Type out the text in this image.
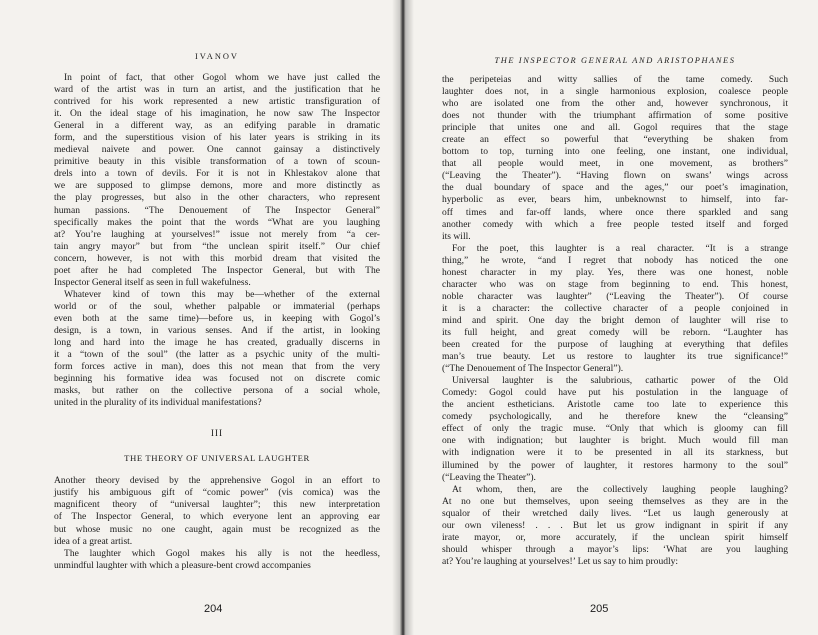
IVANOV

In point of fact, that other Gogol whom we have just called the
ward of the artist was in turn an artist, and the justification that he
contrived for his work represented a new artistic transfiguration of
it. On the ideal stage of his imagination, he now saw The Inspector
General in a different way, as an edifying parable in dramatic
form, and the superstitious vision of his later years is striking in its
medieval naivete and power. One cannot gainsay a distinctively
primitive beauty in this visible transformation of a town of scoun-
drels into a town of devils. For it is not in Khlestakov alone that
we are supposed to glimpse demons, more and more distinctly as
the play progresses, but also in the other characters, who represent
human passions. “The Denouement of The Inspector General”
specifically makes the point that the words “What are you laughing
at? You’re laughing at yourselves!” issue not merely from “a cer-
tain angry mayor” but from “the unclean spirit itself.” Our chief
concern, however, is not with this morbid dream that visited the
poet after he had completed The Inspector General, but with The
Inspector General itself as seen in full wakefulness.

Whatever kind of town this may be—whether of the external
world or of the soul, whether palpable or immaterial (perhaps
even both at the same time)—before us, in keeping with Gogol’s
design, is a town, in various senses. And if the artist, in looking
long and hard into the image he has created, gradually discerns in
it a “town of the soul” (the latter as a psychic unity of the multi-
form forces active in man), does this not mean that from the very
beginning his formative idea was focused not on discrete comic
masks, but rather on the collective persona of a social whole,
united in the plurality of its individual manifestations?

III
THE THEORY OF UNIVERSAL LAUGHTER

Another theory devised by the apprehensive Gogol in an effort to
justify his ambiguous gift of “comic power” (vis comica) was the
magnificent theory of “universal laughter”; this new interpretation
of The Inspector General, to which everyone lent an approving ear
but whose music no one caught, again must be recognized as the
idea of a great artist.

The laughter which Gogol makes his ally is not the heedless,
unmindful laughter with which a pleasure-bent crowd accompanies

204
THE INSPECTOR GENERAL AND ARISTOPHANES

the peripeteias and witty sallies of the tame comedy. Such
laughter does not, in a single harmonious explosion, coalesce people
who are isolated one from the other and, however synchronous, it
does not thunder with the triumphant affirmation of some positive
principle that unites one and all. Gogol requires that the stage
create an effect so powerful that “everything be shaken from
bottom to top, turning into one feeling, one instant, one individual,
that all people would meet, in one movement, as brothers”
(“Leaving the Theater”). “Having flown on swans’ wings across
the dual boundary of space and the ages,” our poet’s imagination,
hyperbolic as ever, bears him, unbeknownst to himself, into far-
off times and far-off lands, where once there sparkled and sang
another comedy with which a free people tested itself and forged
its will.

For the poet, this laughter is a real character. “It is a strange
thing,” he wrote, “and I regret that nobody has noticed the one
honest character in my play. Yes, there was one honest, noble
character who was on stage from beginning to end. This honest,
noble character was laughter” (“Leaving the Theater”). Of course
it is a character: the collective character of a people conjoined in
mind and spirit. One day the bright demon of laughter will rise to
its full height, and great comedy will be reborn. “Laughter has
been created for the purpose of laughing at everything that defiles
man’s true beauty. Let us restore to laughter its true significance!”
(“The Denouement of The Inspector General”).

Universal laughter is the salubrious, cathartic power of the Old
Comedy: Gogol could have put his postulation in the language of
the ancient estheticians. Aristotle came too late to experience this
comedy psychologically, and he therefore knew the “cleansing”
effect of only the tragic muse. “Only that which is gloomy can fill
one with indignation; but laughter is bright. Much would fill man
with indignation were it to be presented in all its starkness, but
illumined by the power of laughter, it restores harmony to the soul”
(“Leaving the Theater”).

At whom, then, are the collectively laughing people laughing?
At no one but themselves, upon seeing themselves as they are in the
squalor of their wretched daily lives. “Let us laugh generously at
our own vileness! . . . But let us grow indignant in spirit if any
irate mayor, or, more accurately, if the unclean spirit himself
should whisper through a mayor’s lips: ‘What are you laughing
at? You’re laughing at yourselves!’ Let us say to him proudly:

205
